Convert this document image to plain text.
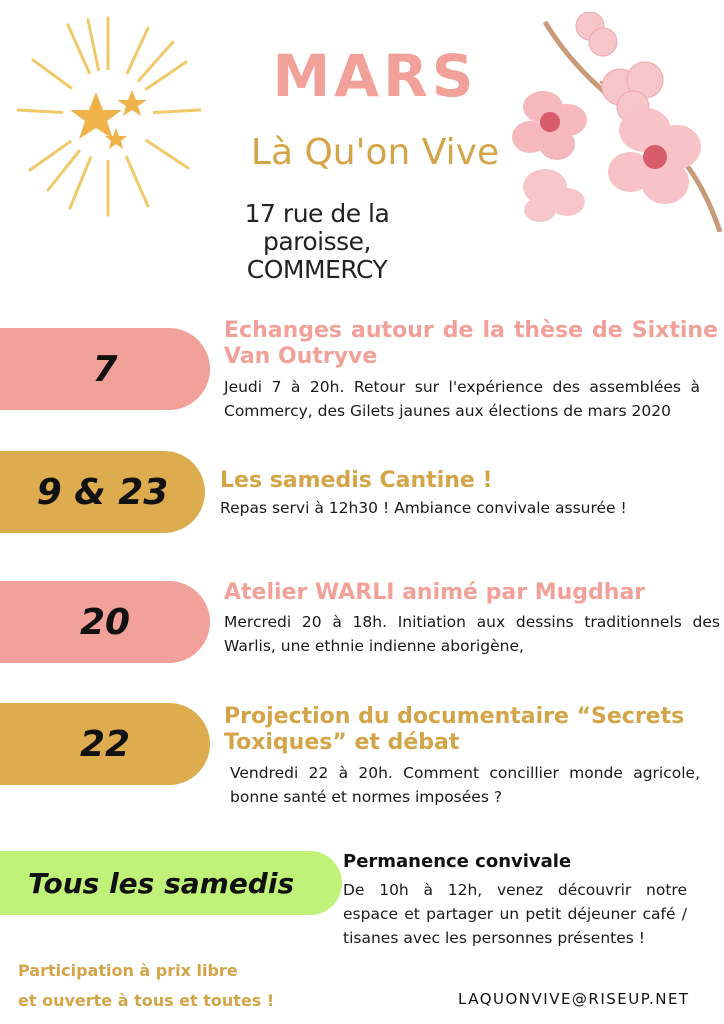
MARS
Là Qu'on Vive
17 rue de la
paroisse,
COMMERCY
7
Echanges autour de la thèse de Sixtine Van Outryve
Jeudi 7 à 20h. Retour sur l'expérience des assemblées à Commercy, des Gilets jaunes aux élections de mars 2020
9 & 23	Les samedis Cantine !
Repas servi à 12h30 ! Ambiance convivale assurée !
20
Atelier WARLI animé par Mugdhar
Mercredi 20 à 18h. Initiation aux dessins traditionnels des Warlis, une ethnie indienne aborigène,
22
Projection du documentaire “Secrets Toxiques” et débat
Vendredi 22 à 20h. Comment concillier monde agricole, bonne santé et normes imposées ?
Tous les samedis
Permanence convivale
De 10h à 12h, venez découvrir notre espace et partager un petit déjeuner café / tisanes avec les personnes présentes !
Participation à prix libre
et ouverte à tous et toutes !	LAQUONVIVE@RISEUP.NET
